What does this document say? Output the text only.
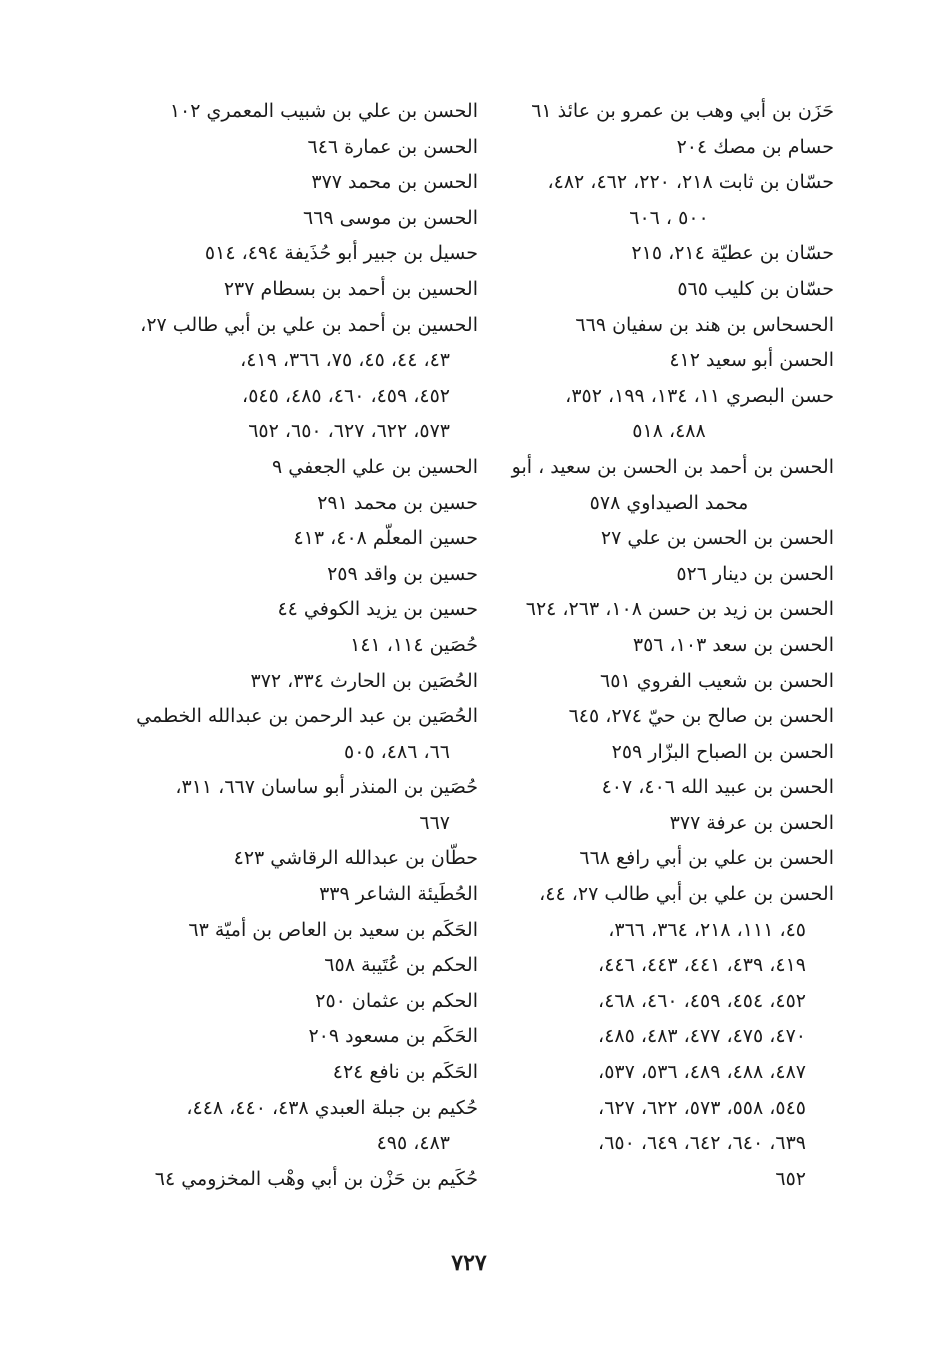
حَزَن بن أبي وهب بن عمرو بن عائذ ٦١
حسام بن مصك ٢٠٤
حسّان بن ثابت ٢١٨، ٢٢٠، ٤٦٢، ٤٨٢،
٥٠٠ ، ٦٠٦
حسّان بن عطيّة ٢١٤، ٢١٥
حسّان بن كليب ٥٦٥
الحسحاس بن هند بن سفيان ٦٦٩
الحسن أبو سعيد ٤١٢
حسن البصري ١١، ١٣٤، ١٩٩، ٣٥٢،
٤٨٨، ٥١٨
الحسن بن أحمد بن الحسن بن سعيد ، أبو
محمد الصيداوي ٥٧٨
الحسن بن الحسن بن علي ٢٧
الحسن بن دينار ٥٢٦
الحسن بن زيد بن حسن ١٠٨، ٢٦٣، ٦٢٤
الحسن بن سعد ١٠٣، ٣٥٦
الحسن بن شعيب الفروي ٦٥١
الحسن بن صالح بن حيّ ٢٧٤، ٦٤٥
الحسن بن الصباح البزّار ٢٥٩
الحسن بن عبيد الله ٤٠٦، ٤٠٧
الحسن بن عرفة ٣٧٧
الحسن بن علي بن أبي رافع ٦٦٨
الحسن بن علي بن أبي طالب ٢٧، ٤٤،
٤٥، ١١١، ٢١٨، ٣٦٤، ٣٦٦،
٤١٩، ٤٣٩، ٤٤١، ٤٤٣، ٤٤٦،
٤٥٢، ٤٥٤، ٤٥٩، ٤٦٠، ٤٦٨،
٤٧٠، ٤٧٥، ٤٧٧، ٤٨٣، ٤٨٥،
٤٨٧، ٤٨٨، ٤٨٩، ٥٣٦، ٥٣٧،
٥٤٥، ٥٥٨، ٥٧٣، ٦٢٢، ٦٢٧،
٦٣٩، ٦٤٠، ٦٤٢، ٦٤٩، ٦٥٠،
٦٥٢
الحسن بن علي بن شبيب المعمري ١٠٢
الحسن بن عمارة ٦٤٦
الحسن بن محمد ٣٧٧
الحسن بن موسى ٦٦٩
حسيل بن جبير أبو حُذَيفة ٤٩٤، ٥١٤
الحسين بن أحمد بن بسطام ٢٣٧
الحسين بن أحمد بن علي بن أبي طالب ٢٧،
٤٣، ٤٤، ٤٥، ٧٥، ٣٦٦، ٤١٩،
٤٥٢، ٤٥٩، ٤٦٠، ٤٨٥، ٥٤٥،
٥٧٣، ٦٢٢، ٦٢٧، ٦٥٠، ٦٥٢
الحسين بن علي الجعفي ٩
حسين بن محمد ٢٩١
حسين المعلّم ٤٠٨، ٤١٣
حسين بن واقد ٢٥٩
حسين بن يزيد الكوفي ٤٤
حُصَين ١١٤، ١٤١
الحُصَين بن الحارث ٣٣٤، ٣٧٢
الحُصَين بن عبد الرحمن بن عبدالله الخطمي
٦٦، ٤٨٦، ٥٠٥
حُصَين بن المنذر أبو ساسان ٦٦٧، ٣١١،
٦٦٧
حطّان بن عبدالله الرقاشي ٤٢٣
الحُطَيئة الشاعر ٣٣٩
الحَكَم بن سعيد بن العاص بن أميّة ٦٣
الحكم بن عُتَيبة ٦٥٨
الحكم بن عثمان ٢٥٠
الحَكَم بن مسعود ٢٠٩
الحَكَم بن نافع ٤٢٤
حُكيم بن جبلة العبدي ٤٣٨، ٤٤٠، ٤٤٨،
٤٨٣، ٤٩٥
حُكَيم بن حَزْن بن أبي وهْب المخزومي ٦٤
٧٢٧
